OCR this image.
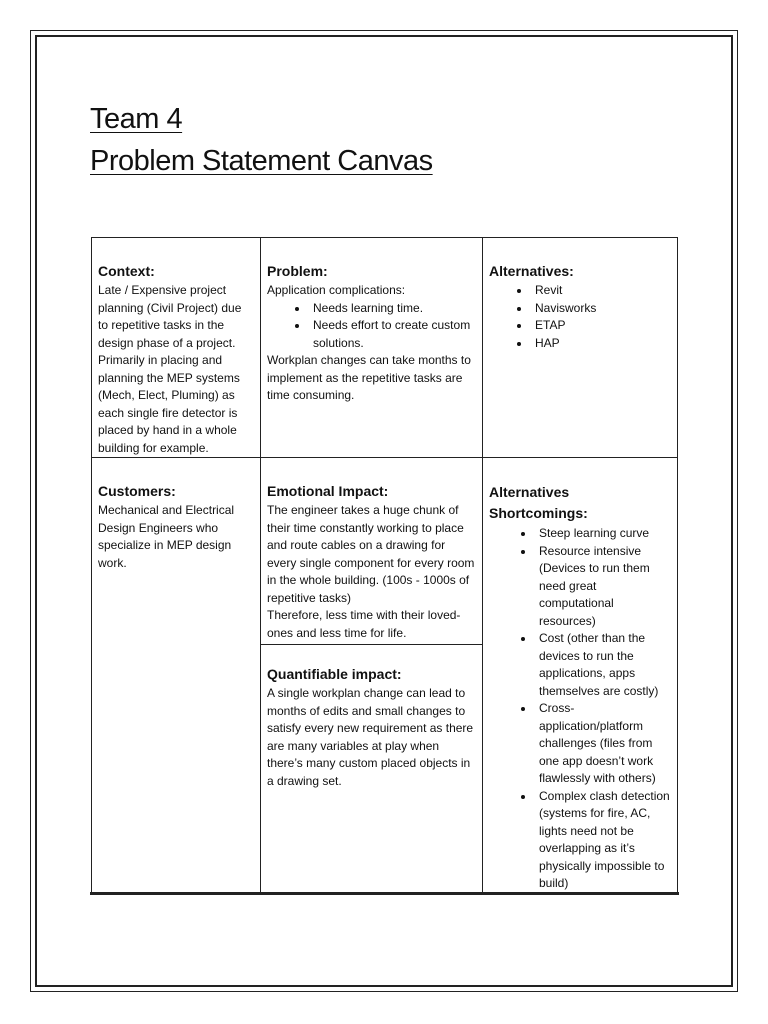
Team 4
Problem Statement Canvas
Context:

Late / Expensive project planning (Civil Project) due to repetitive tasks in the design phase of a project. Primarily in placing and planning the MEP systems (Mech, Elect, Pluming) as each single fire detector is placed by hand in a whole building for example.

Problem:

Application complications:

• Needs learning time.
• Needs effort to create custom solutions.

Workplan changes can take months to implement as the repetitive tasks are time consuming.

Alternatives:
• Revit
• Navisworks
• ETAP
• HAP
Customers:

Mechanical and Electrical Design Engineers who specialize in MEP design work.

Emotional Impact:

The engineer takes a huge chunk of their time constantly working to place and route cables on a drawing for every single component for every room in the whole building. (100s - 1000s of repetitive tasks)

Therefore, less time with their loved-ones and less time for life.

Quantifiable impact:

A single workplan change can lead to months of edits and small changes to satisfy every new requirement as there are many variables at play when there’s many custom placed objects in a drawing set.

Alternatives Shortcomings:
• Steep learning curve
• Resource intensive (Devices to run them need great computational resources)
• Cost (other than the devices to run the applications, apps themselves are costly)
• Cross-application/platform challenges (files from one app doesn’t work flawlessly with others)
• Complex clash detection (systems for fire, AC, lights need not be overlapping as it’s physically impossible to build)
